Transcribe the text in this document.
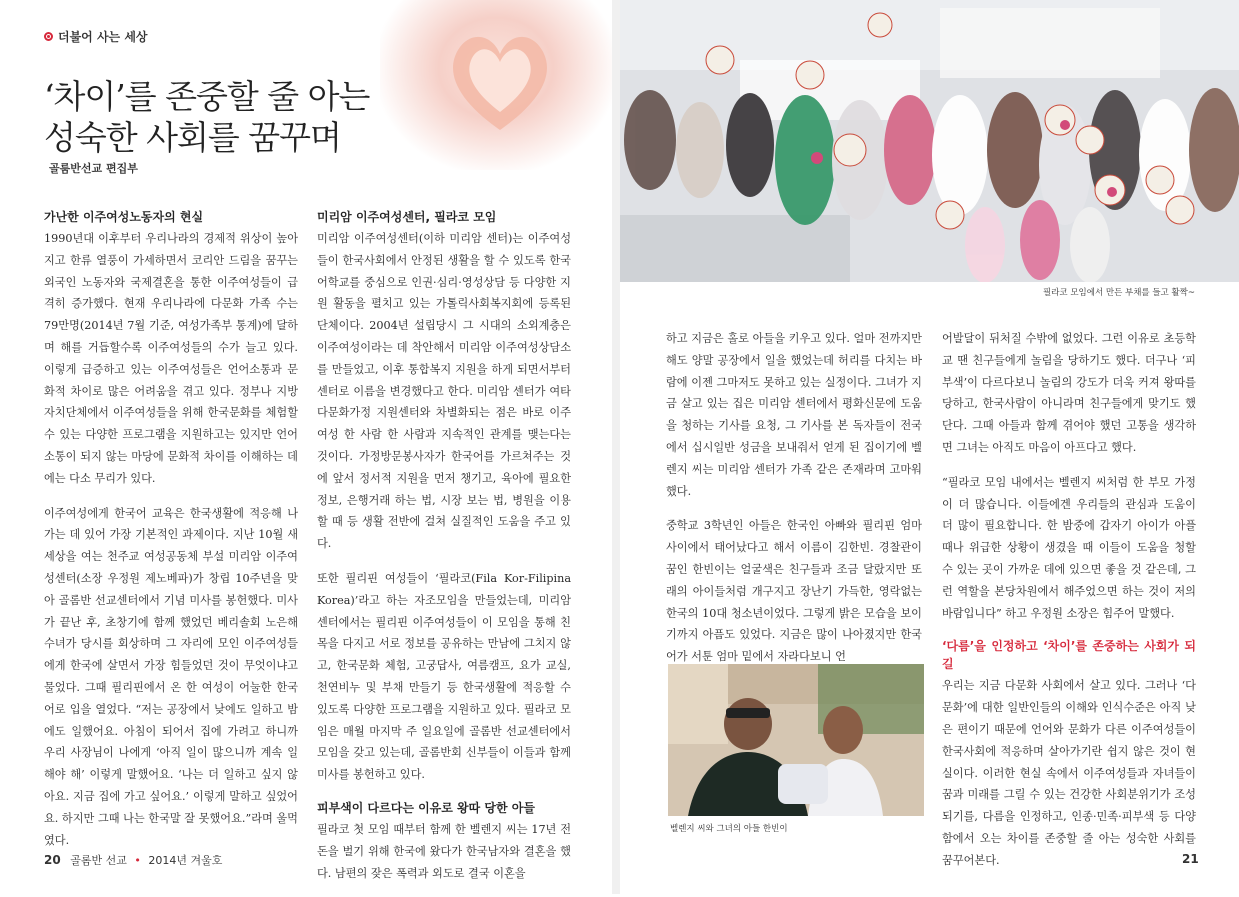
더불어 사는 세상
‘차이’를 존중할 줄 아는
성숙한 사회를 꿈꾸며
골룸반선교 편집부
가난한 이주여성노동자의 현실

1990년대 이후부터 우리나라의 경제적 위상이 높아지고 한류 열풍이 가세하면서 코리안 드림을 꿈꾸는 외국인 노동자와 국제결혼을 통한 이주여성들이 급격히 증가했다. 현재 우리나라에 다문화 가족 수는 79만명(2014년 7월 기준, 여성가족부 통계)에 달하며 해를 거듭할수록 이주여성들의 수가 늘고 있다. 이렇게 급증하고 있는 이주여성들은 언어소통과 문화적 차이로 많은 어려움을 겪고 있다. 정부나 지방자치단체에서 이주여성들을 위해 한국문화를 체험할 수 있는 다양한 프로그램을 지원하고는 있지만 언어소통이 되지 않는 마당에 문화적 차이를 이해하는 데에는 다소 무리가 있다.

이주여성에게 한국어 교육은 한국생활에 적응해 나가는 데 있어 가장 기본적인 과제이다. 지난 10월 새 세상을 여는 천주교 여성공동체 부설 미리암 이주여성센터(소장 우정원 제노베파)가 창립 10주년을 맞아 골롬반 선교센터에서 기념 미사를 봉헌했다. 미사가 끝난 후, 초창기에 함께 했었던 베리솔회 노은해 수녀가 당시를 회상하며 그 자리에 모인 이주여성들에게 한국에 살면서 가장 힘들었던 것이 무엇이냐고 물었다. 그때 필리핀에서 온 한 여성이 어눌한 한국어로 입을 열었다. “저는 공장에서 낮에도 일하고 밤에도 일했어요. 아침이 되어서 집에 가려고 하니까 우리 사장님이 나에게 ‘아직 일이 많으니까 계속 일해야 해’ 이렇게 말했어요. ‘나는 더 일하고 싶지 않아요. 지금 집에 가고 싶어요.’ 이렇게 말하고 싶었어요. 하지만 그때 나는 한국말 잘 못했어요.”라며 울먹였다.

미리암 이주여성센터, 필라코 모임

미리암 이주여성센터(이하 미리암 센터)는 이주여성들이 한국사회에서 안정된 생활을 할 수 있도록 한국어학교를 중심으로 인권·심리·영성상담 등 다양한 지원 활동을 펼치고 있는 가톨릭사회복지회에 등록된 단체이다. 2004년 설립당시 그 시대의 소외계층은 이주여성이라는 데 착안해서 미리암 이주여성상담소를 만들었고, 이후 통합복지 지원을 하게 되면서부터 센터로 이름을 변경했다고 한다. 미리암 센터가 여타 다문화가정 지원센터와 차별화되는 점은 바로 이주여성 한 사람 한 사람과 지속적인 관계를 맺는다는 것이다. 가정방문봉사자가 한국어를 가르쳐주는 것에 앞서 정서적 지원을 먼저 챙기고, 육아에 필요한 정보, 은행거래 하는 법, 시장 보는 법, 병원을 이용할 때 등 생활 전반에 걸쳐 실질적인 도움을 주고 있다.

또한 필리핀 여성들이 ‘필라코(Fila Kor-Filipina Korea)’라고 하는 자조모임을 만들었는데, 미리암 센터에서는 필리핀 이주여성들이 이 모임을 통해 친목을 다지고 서로 정보를 공유하는 만남에 그치지 않고, 한국문화 체험, 고궁답사, 여름캠프, 요가 교실, 천연비누 및 부채 만들기 등 한국생활에 적응할 수 있도록 다양한 프로그램을 지원하고 있다. 필라코 모임은 매월 마지막 주 일요일에 골롬반 선교센터에서 모임을 갖고 있는데, 골롬반회 신부들이 이들과 함께 미사를 봉헌하고 있다.

피부색이 다르다는 이유로 왕따 당한 아들

필라코 첫 모임 때부터 함께 한 벨렌지 씨는 17년 전 돈을 벌기 위해 한국에 왔다가 한국남자와 결혼을 했다. 남편의 잦은 폭력과 외도로 결국 이혼을

필라코 모임에서 만든 부채를 들고 활짝~

하고 지금은 홀로 아들을 키우고 있다. 얼마 전까지만 해도 양말 공장에서 일을 했었는데 허리를 다치는 바람에 이젠 그마저도 못하고 있는 실정이다. 그녀가 지금 살고 있는 집은 미리암 센터에서 평화신문에 도움을 청하는 기사를 요청, 그 기사를 본 독자들이 전국에서 십시일반 성금을 보내줘서 얻게 된 집이기에 벨렌지 씨는 미리암 센터가 가족 같은 존재라며 고마워했다.

중학교 3학년인 아들은 한국인 아빠와 필리핀 엄마 사이에서 태어났다고 해서 이름이 김한빈. 경찰관이 꿈인 한빈이는 얼굴색은 친구들과 조금 달랐지만 또래의 아이들처럼 개구지고 장난기 가득한, 영락없는 한국의 10대 청소년이었다. 그렇게 밝은 모습을 보이기까지 아픔도 있었다. 지금은 많이 나아졌지만 한국어가 서툰 엄마 밑에서 자라다보니 언

벨렌지 씨와 그녀의 아들 한빈이

어발달이 뒤처질 수밖에 없었다. 그런 이유로 초등학교 땐 친구들에게 놀림을 당하기도 했다. 더구나 ‘피부색’이 다르다보니 놀림의 강도가 더욱 커져 왕따를 당하고, 한국사람이 아니라며 친구들에게 맞기도 했단다. 그때 아들과 함께 겪어야 했던 고통을 생각하면 그녀는 아직도 마음이 아프다고 했다.

“필라코 모임 내에서는 벨렌지 씨처럼 한 부모 가정이 더 많습니다. 이들에겐 우리들의 관심과 도움이 더 많이 필요합니다. 한 밤중에 갑자기 아이가 아플 때나 위급한 상황이 생겼을 때 이들이 도움을 청할 수 있는 곳이 가까운 데에 있으면 좋을 것 같은데, 그런 역할을 본당차원에서 해주었으면 하는 것이 저의 바람입니다” 하고 우정원 소장은 힘주어 말했다.

‘다름’을 인정하고 ‘차이’를 존중하는 사회가 되길

우리는 지금 다문화 사회에서 살고 있다. 그러나 ‘다문화’에 대한 일반인들의 이해와 인식수준은 아직 낮은 편이기 때문에 언어와 문화가 다른 이주여성들이 한국사회에 적응하며 살아가기란 쉽지 않은 것이 현실이다. 이러한 현실 속에서 이주여성들과 자녀들이 꿈과 미래를 그릴 수 있는 건강한 사회분위기가 조성되기를, 다름을 인정하고, 인종·민족·피부색 등 다양함에서 오는 차이를 존중할 줄 아는 성숙한 사회를 꿈꾸어본다.

20 골롬반 선교 • 2014년 겨울호	21
